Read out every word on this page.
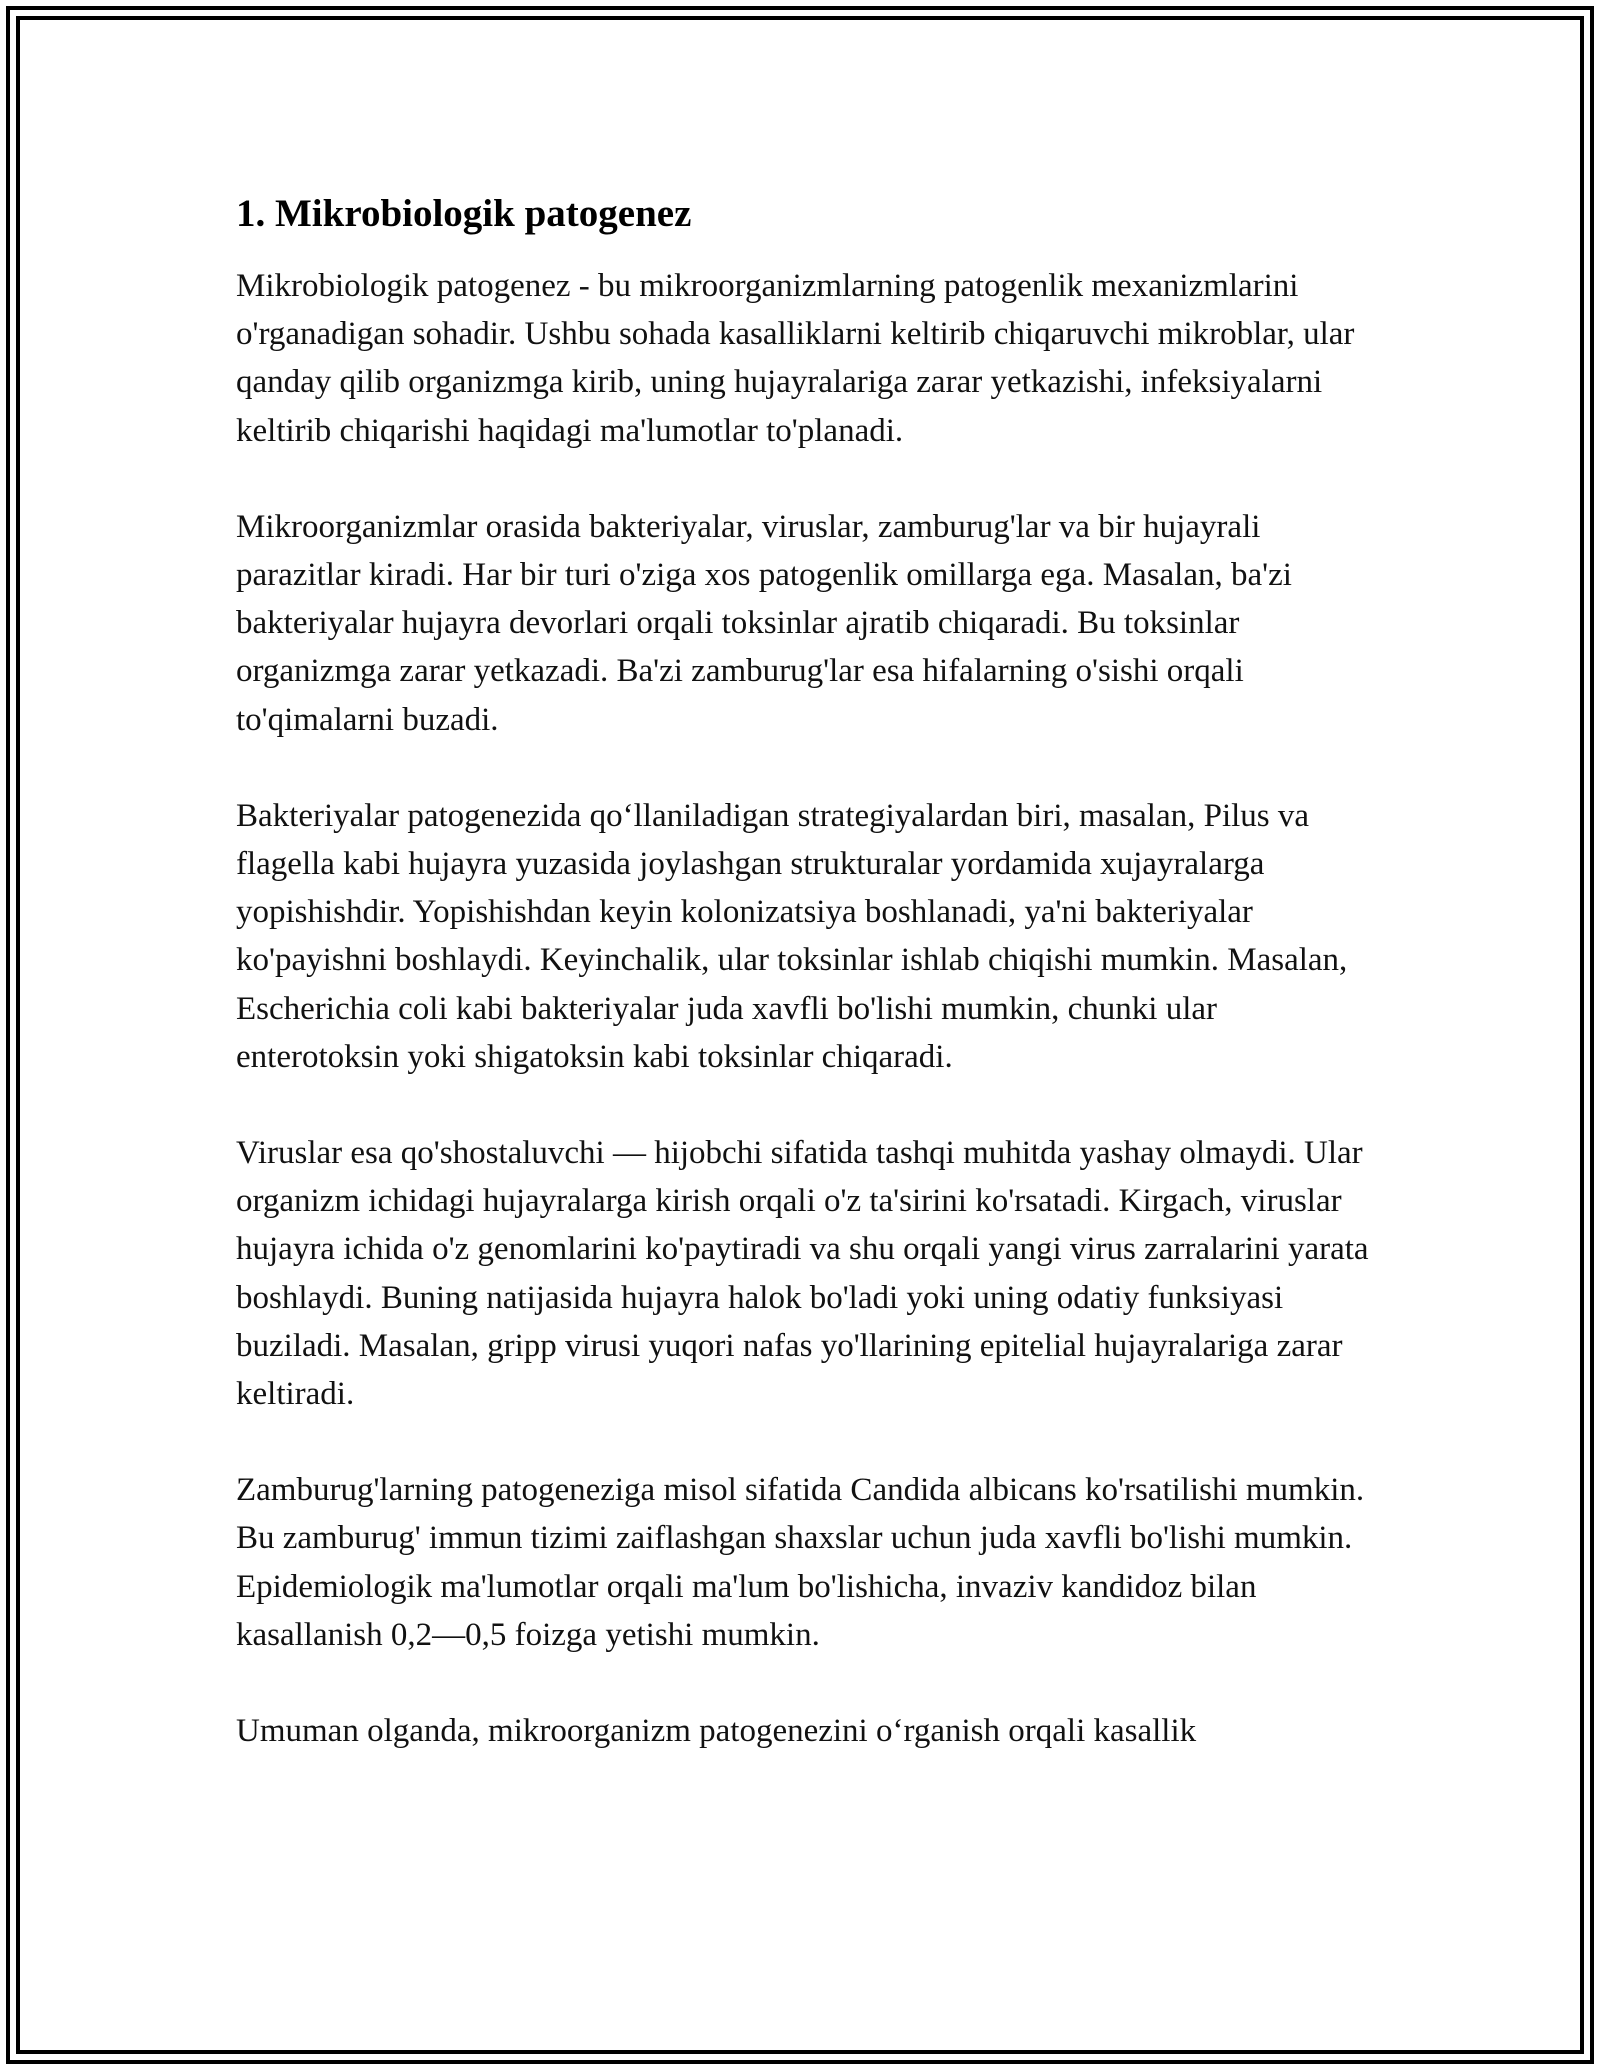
1. Mikrobiologik patogenez

Mikrobiologik patogenez - bu mikroorganizmlarning patogenlik mexanizmlarini o'rganadigan sohadir. Ushbu sohada kasalliklarni keltirib chiqaruvchi mikroblar, ular qanday qilib organizmga kirib, uning hujayralariga zarar yetkazishi, infeksiyalarni keltirib chiqarishi haqidagi ma'lumotlar to'planadi.

Mikroorganizmlar orasida bakteriyalar, viruslar, zamburug'lar va bir hujayrali parazitlar kiradi. Har bir turi o'ziga xos patogenlik omillarga ega. Masalan, ba'zi bakteriyalar hujayra devorlari orqali toksinlar ajratib chiqaradi. Bu toksinlar organizmga zarar yetkazadi. Ba'zi zamburug'lar esa hifalarning o'sishi orqali to'qimalarni buzadi.

Bakteriyalar patogenezida qo‘llaniladigan strategiyalardan biri, masalan, Pilus va flagella kabi hujayra yuzasida joylashgan strukturalar yordamida xujayralarga yopishishdir. Yopishishdan keyin kolonizatsiya boshlanadi, ya'ni bakteriyalar ko'payishni boshlaydi. Keyinchalik, ular toksinlar ishlab chiqishi mumkin. Masalan, Escherichia coli kabi bakteriyalar juda xavfli bo'lishi mumkin, chunki ular enterotoksin yoki shigatoksin kabi toksinlar chiqaradi.

Viruslar esa qo'shostaluvchi — hijobchi sifatida tashqi muhitda yashay olmaydi. Ular organizm ichidagi hujayralarga kirish orqali o'z ta'sirini ko'rsatadi. Kirgach, viruslar hujayra ichida o'z genomlarini ko'paytiradi va shu orqali yangi virus zarralarini yarata boshlaydi. Buning natijasida hujayra halok bo'ladi yoki uning odatiy funksiyasi buziladi. Masalan, gripp virusi yuqori nafas yo'llarining epitelial hujayralariga zarar keltiradi.

Zamburug'larning patogeneziga misol sifatida Candida albicans ko'rsatilishi mumkin. Bu zamburug' immun tizimi zaiflashgan shaxslar uchun juda xavfli bo'lishi mumkin. Epidemiologik ma'lumotlar orqali ma'lum bo'lishicha, invaziv kandidoz bilan kasallanish 0,2—0,5 foizga yetishi mumkin.

Umuman olganda, mikroorganizm patogenezini o‘rganish orqali kasallik
